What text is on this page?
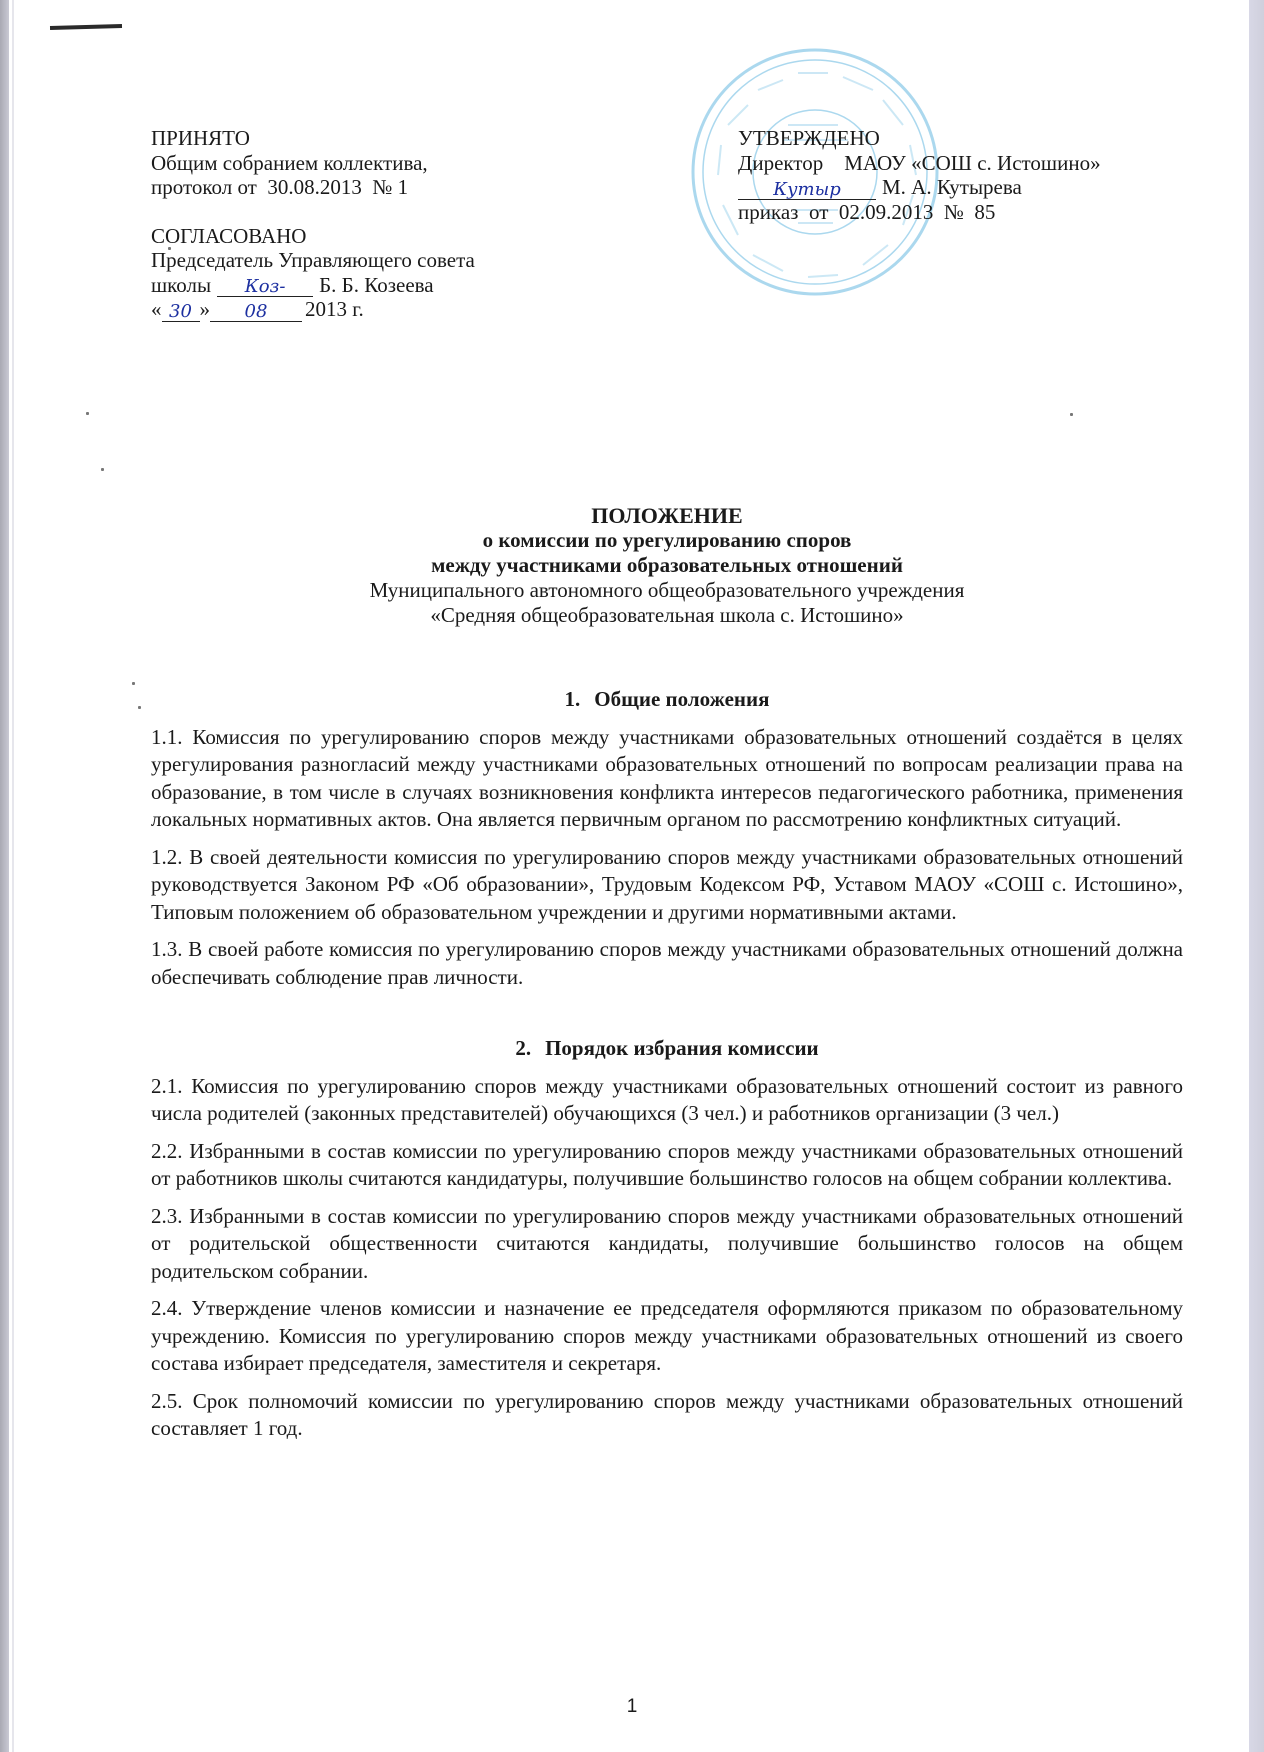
ПРИНЯТО
Общим собранием коллектива,
протокол от  30.08.2013  № 1
СОГЛАСОВАНО
Председатель Управляющего совета
школы Коз- Б. Б. Козеева
« 30 » 08 2013 г.
УТВЕРЖДЕНО
Директор    МАОУ «СОШ с. Истошино»
Кутыр М. А. Кутырева
приказ  от  02.09.2013  №  85
ПОЛОЖЕНИЕ
о комиссии по урегулированию споров
между участниками образовательных отношений
Муниципального автономного общеобразовательного учреждения
«Средняя общеобразовательная школа с. Истошино»
1. Общие положения

1.1. Комиссия по урегулированию споров между участниками образовательных отношений создаётся в целях урегулирования разногласий между участниками образовательных отношений по вопросам реализации права на образование, в том числе в случаях возникновения конфликта интересов педагогического работника, применения локальных нормативных актов. Она является первичным органом по рассмотрению конфликтных ситуаций.

1.2. В своей деятельности комиссия по урегулированию споров между участниками образовательных отношений руководствуется Законом РФ «Об образовании», Трудовым Кодексом РФ, Уставом МАОУ «СОШ с. Истошино», Типовым положением об образовательном учреждении и другими нормативными актами.

1.3. В своей работе комиссия по урегулированию споров между участниками образовательных отношений должна обеспечивать соблюдение прав личности.

2. Порядок избрания комиссии

2.1. Комиссия по урегулированию споров между участниками образовательных отношений состоит из равного числа родителей (законных представителей) обучающихся (3 чел.) и работников организации (3 чел.)

2.2. Избранными в состав комиссии по урегулированию споров между участниками образовательных отношений от работников школы считаются кандидатуры, получившие большинство голосов на общем собрании коллектива.

2.3. Избранными в состав комиссии по урегулированию споров между участниками образовательных отношений от родительской общественности считаются кандидаты, получившие большинство голосов на общем родительском собрании.

2.4. Утверждение членов комиссии и назначение ее председателя оформляются приказом по образовательному учреждению. Комиссия по урегулированию споров между участниками образовательных отношений из своего состава избирает председателя, заместителя и секретаря.

2.5. Срок полномочий комиссии по урегулированию споров между участниками образовательных отношений составляет 1 год.

1
